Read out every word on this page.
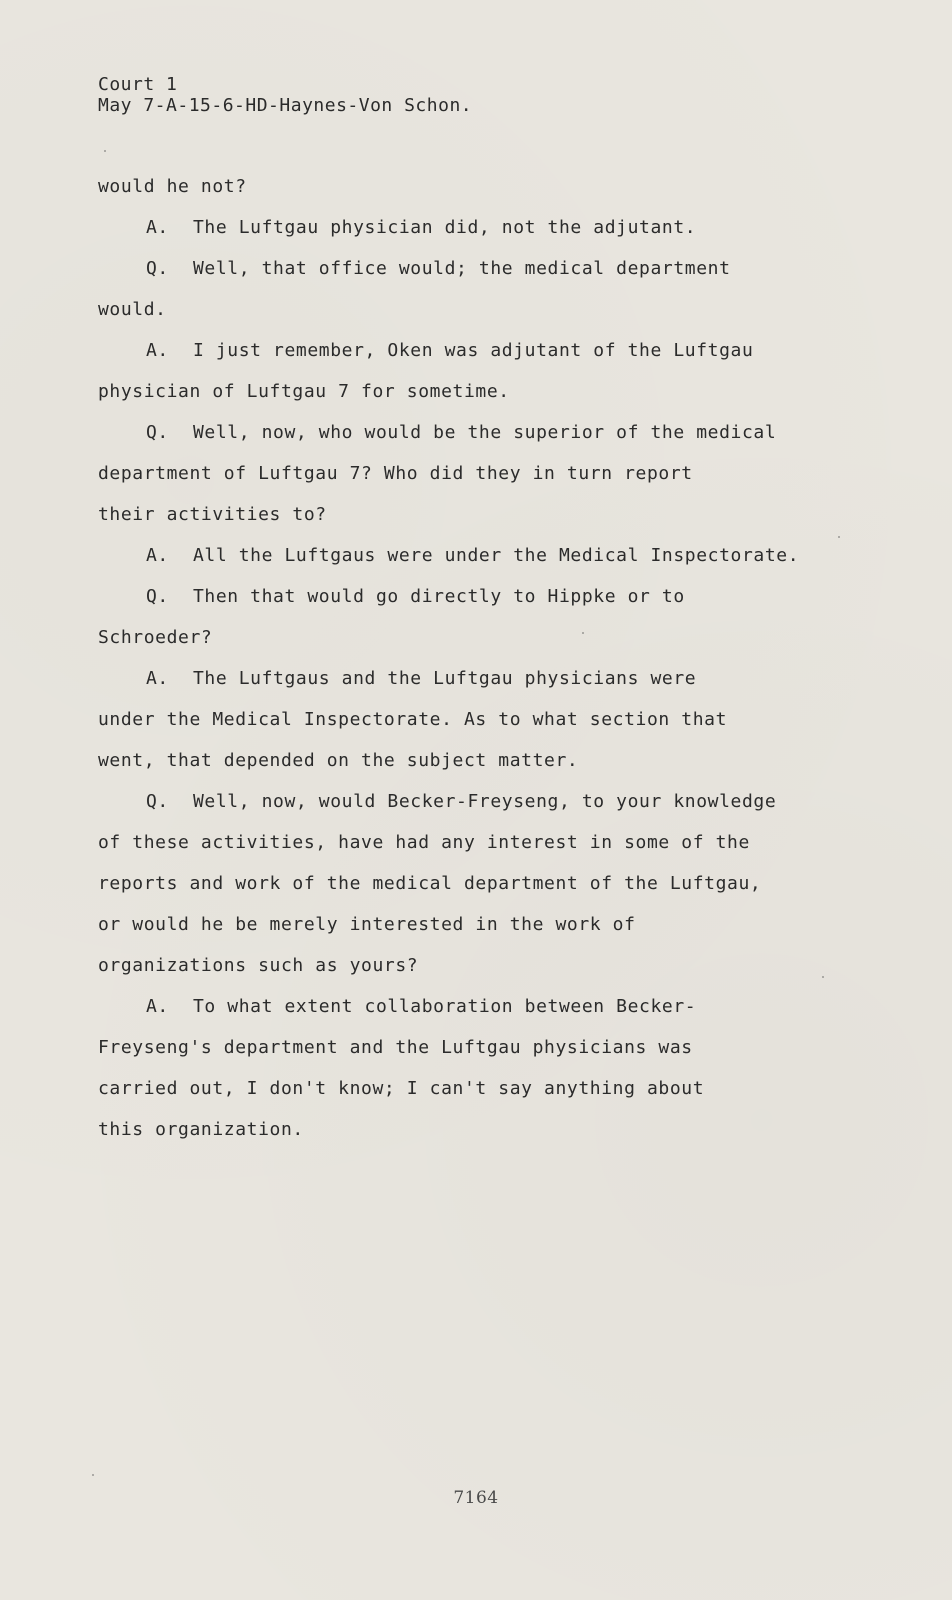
Court 1
May 7-A-15-6-HD-Haynes-Von Schon.
would he not?
A. The Luftgau physician did, not the adjutant.
Q. Well, that office would; the medical department
would.
A. I just remember, Oken was adjutant of the Luftgau
physician of Luftgau 7 for sometime.
Q. Well, now, who would be the superior of the medical
department of Luftgau 7? Who did they in turn report
their activities to?
A. All the Luftgaus were under the Medical Inspectorate.
Q. Then that would go directly to Hippke or to
Schroeder?
A. The Luftgaus and the Luftgau physicians were
under the Medical Inspectorate. As to what section that
went, that depended on the subject matter.
Q. Well, now, would Becker-Freyseng, to your knowledge
of these activities, have had any interest in some of the
reports and work of the medical department of the Luftgau,
or would he be merely interested in the work of
organizations such as yours?
A. To what extent collaboration between Becker-
Freyseng's department and the Luftgau physicians was
carried out, I don't know; I can't say anything about
this organization.
7164
